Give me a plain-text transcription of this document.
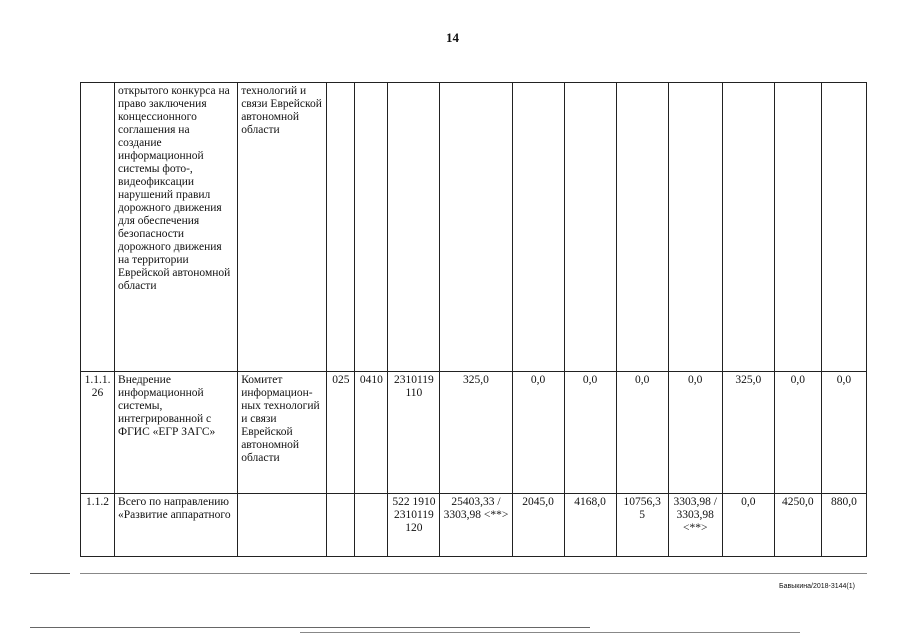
14
	открытого конкурса на право заключения концессионного соглашения на создание информационной системы фото-, видеофиксации нарушений правил дорожного движения для обеспечения безопасности дорожного движения на территории Еврейской автономной области	технологий и связи Еврейской автономной области											
1.1.1. 26	Внедрение информационной системы, интегрированной с ФГИС «ЕГР ЗАГС»	Комитет информацион-ных технологий и связи Еврейской автономной области	025	0410	2310119 110	325,0	0,0	0,0	0,0	0,0	325,0	0,0	0,0
1.1.2	Всего по направлению «Развитие аппаратного				522 1910 2310119 120	25403,33 / 3303,98 <**>	2045,0	4168,0	10756,3 5	3303,98 / 3303,98 <**>	0,0	4250,0	880,0
Бавыкина/2018-3144(1)
